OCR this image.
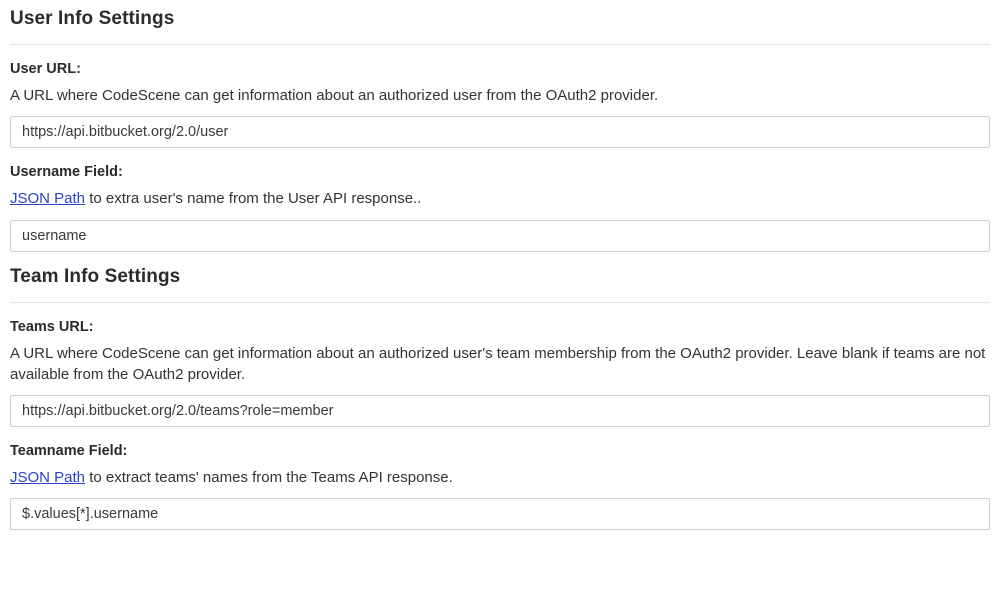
User Info Settings
User URL:

A URL where CodeScene can get information about an authorized user from the OAuth2 provider.

https://api.bitbucket.org/2.0/user
Username Field:

JSON Path to extra user's name from the User API response..

username
Team Info Settings
Teams URL:

A URL where CodeScene can get information about an authorized user's team membership from the OAuth2 provider. Leave blank if teams are not available from the OAuth2 provider.

https://api.bitbucket.org/2.0/teams?role=member
Teamname Field:

JSON Path to extract teams' names from the Teams API response.

$.values[*].username
